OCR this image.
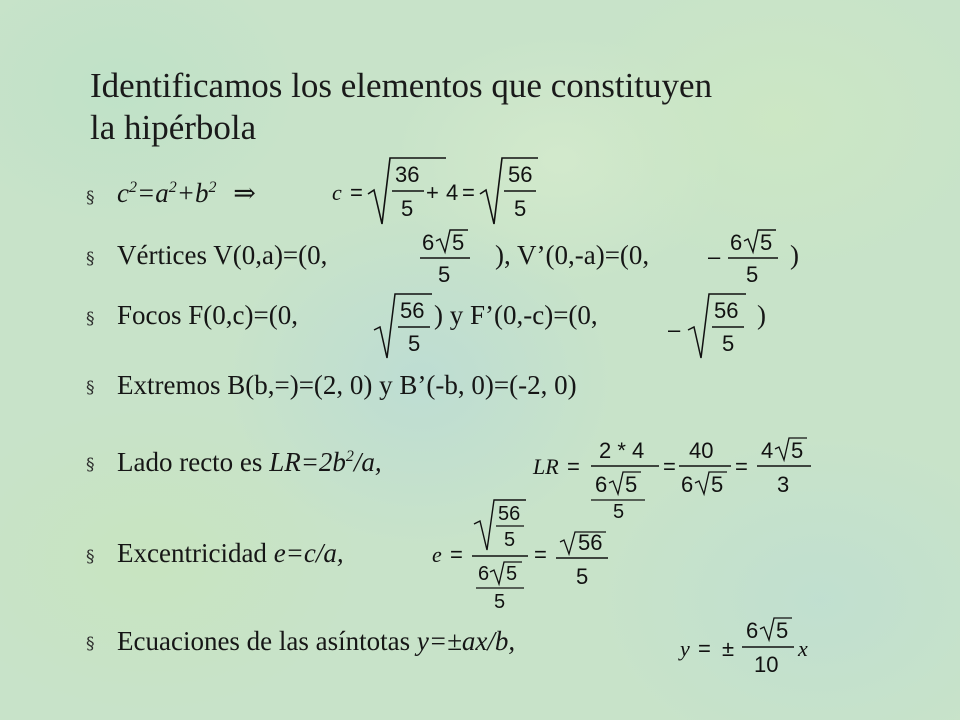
Identificamos los elementos que constituyen
la hipérbola
§
§
§
§
§
§
§
$c^2=a^2+b^2$ ⇒	c =
36
5
+ 4 =
56
5
Vértices V(0,a)=(0,	6 5
5
), V’(0,-a)=(0,	–
6 5
5
)
Focos F(0,c)=(0,	56
5
) y F’(0,-c)=(0,	–
56
5
)
Extremos B(b,=)=(2, 0) y B’(-b, 0)=(-2, 0)
Lado recto es $LR=2b^2/a$,	LR =
2 * 4
6 5
5
=
40
6 5
=
4 5
3
Excentricidad e=c/a,	e =
56
5
6 5
5
= 56
5
Ecuaciones de las asíntotas y=±ax/b,	y = ±
6 5
10
x
